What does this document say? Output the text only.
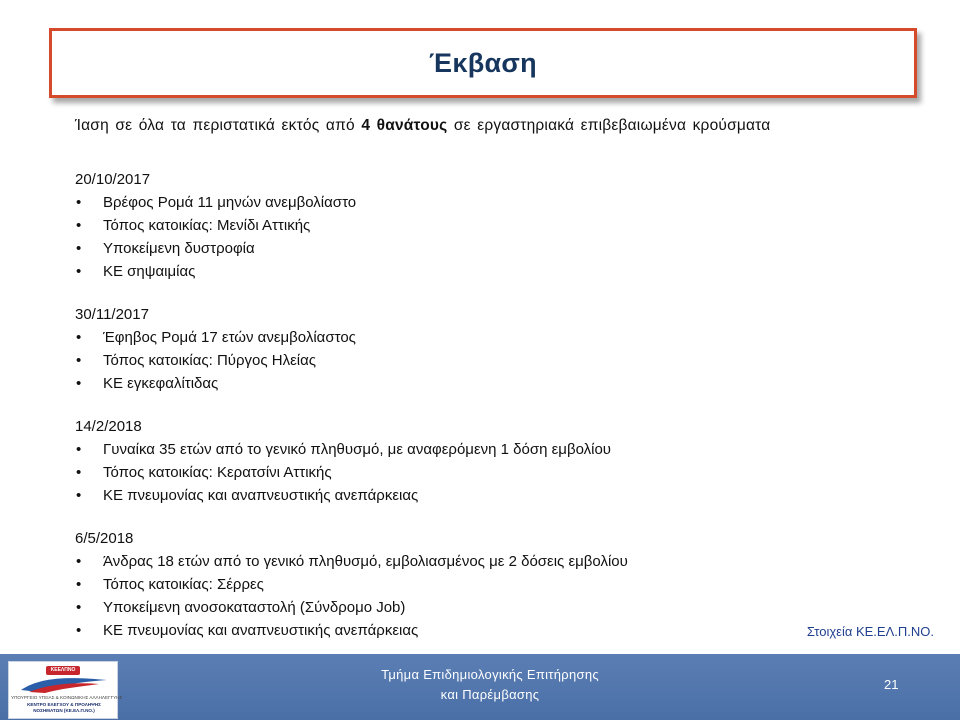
Έκβαση
Ίαση σε όλα τα περιστατικά εκτός από 4 θανάτους σε εργαστηριακά επιβεβαιωμένα κρούσματα
20/10/2017
• Βρέφος Ρομά 11 μηνών ανεμβολίαστο
• Τόπος κατοικίας: Μενίδι Αττικής
• Υποκείμενη δυστροφία
• ΚΕ σηψαιμίας
30/11/2017
• Έφηβος Ρομά 17 ετών ανεμβολίαστος
• Τόπος κατοικίας: Πύργος Ηλείας
• ΚΕ εγκεφαλίτιδας
14/2/2018
• Γυναίκα 35 ετών από το γενικό πληθυσμό, με αναφερόμενη 1 δόση εμβολίου
• Τόπος κατοικίας: Κερατσίνι Αττικής
• ΚΕ πνευμονίας και αναπνευστικής ανεπάρκειας
6/5/2018
• Άνδρας 18 ετών από το γενικό πληθυσμό, εμβολιασμένος με 2 δόσεις εμβολίου
• Τόπος κατοικίας: Σέρρες
• Υποκείμενη ανοσοκαταστολή (Σύνδρομο Job)
• ΚΕ πνευμονίας και αναπνευστικής ανεπάρκειας	Στοιχεία ΚΕ.ΕΛ.Π.ΝΟ.
ΚΕΕΛΠΝΟ
ΥΠΟΥΡΓΕΙΟ ΥΓΕΙΑΣ & ΚΟΙΝΩΝΙΚΗΣ ΑΛΛΗΛΕΓΓΥΗΣ
ΚΕΝΤΡΟ ΕΛΕΓΧΟΥ & ΠΡΟΛΗΨΗΣ
ΝΟΣΗΜΑΤΩΝ (ΚΕ.ΕΛ.Π.ΝΟ.)
Τμήμα Επιδημιολογικής Επιτήρησης
και Παρέμβασης
21
